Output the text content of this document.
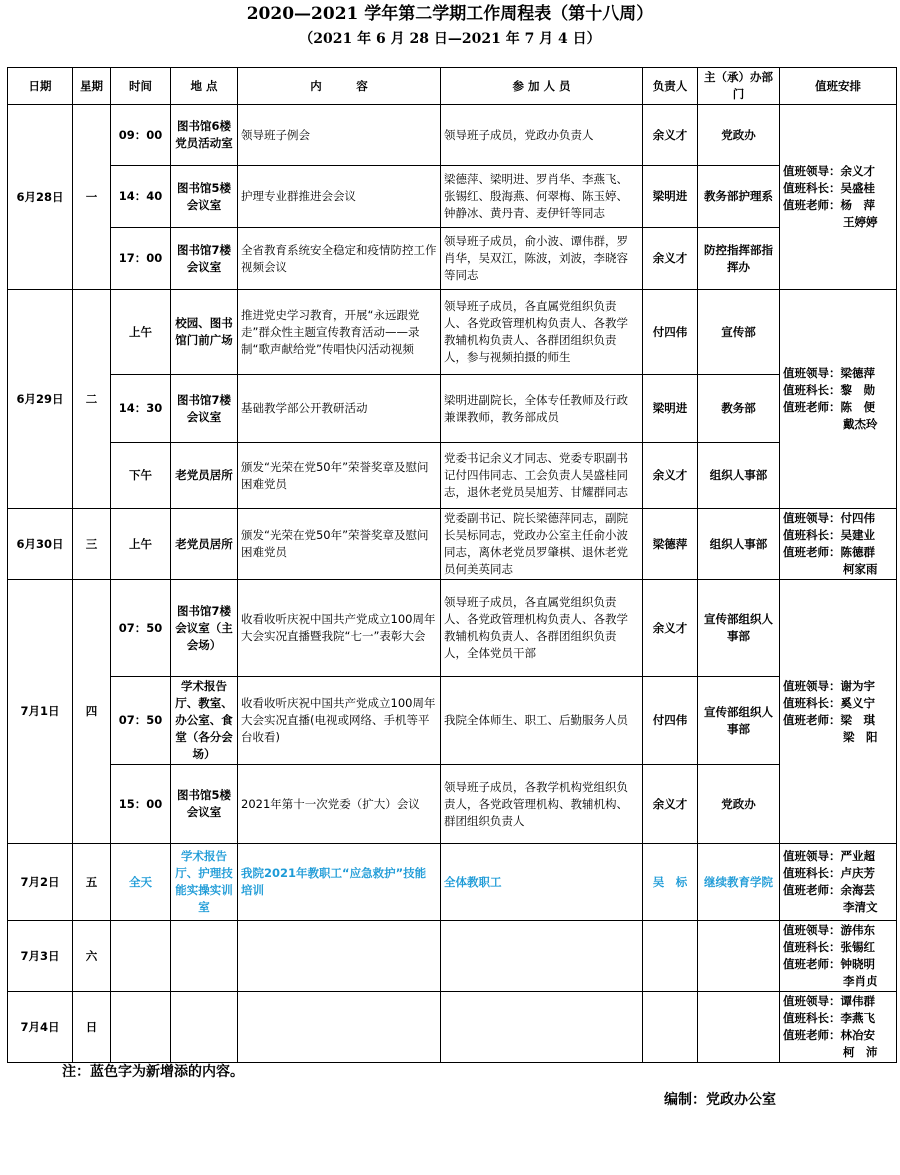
2020—2021 学年第二学期工作周程表（第十八周）
（2021 年 6 月 28 日—2021 年 7 月 4 日）
日期	星期	时间	地 点	内　　　容	参 加 人 员	负责人	主（承）办部 门	值班安排
6月28日	一	09：00	图书馆6楼党员活动室	领导班子例会	领导班子成员，党政办负责人	余义才	党政办	值班领导：余义才
值班科长：吴盛桂
值班老师：杨　萍
王婷婷

		14：40	图书馆5楼会议室	护理专业群推进会会议	梁德萍、梁明进、罗肖华、李燕飞、张锡红、殷海燕、何翠梅、陈玉婷、钟静冰、黄丹青、麦伊钎等同志	梁明进	教务部护理系	
		17：00	图书馆7楼会议室	全省教育系统安全稳定和疫情防控工作视频会议	领导班子成员，俞小波、谭伟群，罗肖华，吴双江，陈波，刘波，李晓容等同志	余义才	防控指挥部指挥办	
6月29日	二	上午	校园、图书馆门前广场	推进党史学习教育，开展“永远跟党走”群众性主题宣传教育活动——录制“歌声献给党”传唱快闪活动视频	领导班子成员，各直属党组织负责人、各党政管理机构负责人、各教学教辅机构负责人、各群团组织负责人，参与视频拍摄的师生	付四伟	宣传部	值班领导：梁德萍
值班科长：黎　勋
值班老师：陈　便
戴杰玲

		14：30	图书馆7楼会议室	基础教学部公开教研活动	梁明进副院长，全体专任教师及行政兼课教师，教务部成员	梁明进	教务部	
		下午	老党员居所	颁发“光荣在党50年”荣誉奖章及慰问困难党员	党委书记余义才同志、党委专职副书记付四伟同志、工会负责人吴盛桂同志，退休老党员吴旭芳、甘耀群同志	余义才	组织人事部	
6月30日	三	上午	老党员居所	颁发“光荣在党50年”荣誉奖章及慰问困难党员	党委副书记、院长梁德萍同志，副院长吴标同志，党政办公室主任俞小波同志，离休老党员罗肇棋、退休老党员何美英同志	梁德萍	组织人事部	值班领导：付四伟
值班科长：吴建业
值班老师：陈德群
柯家雨

7月1日	四	07：50	图书馆7楼会议室（主会场）	收看收听庆祝中国共产党成立100周年大会实况直播暨我院“七一”表彰大会	领导班子成员，各直属党组织负责人、各党政管理机构负责人、各教学教辅机构负责人、各群团组织负责人，全体党员干部	余义才	宣传部组织人事部	值班领导：谢为宇
值班科长：奚义宁
值班老师：梁　琪
梁　阳

		07：50	学术报告厅、教室、办公室、食堂（各分会场）	收看收听庆祝中国共产党成立100周年大会实况直播(电视或网络、手机等平台收看)	我院全体师生、职工、后勤服务人员	付四伟	宣传部组织人事部	
		15：00	图书馆5楼会议室	2021年第十一次党委（扩大）会议	领导班子成员，各教学机构党组织负责人，各党政管理机构、教辅机构、群团组织负责人	余义才	党政办	
7月2日	五	全天	学术报告厅、护理技能实操实训室	我院2021年教职工“应急救护”技能培训	全体教职工	吴　标	继续教育学院	值班领导：严业超
值班科长：卢庆芳
值班老师：余海芸
李清文

7月3日	六							值班领导：游伟东
值班科长：张锡红
值班老师：钟晓明
李肖贞

7月4日	日							值班领导：谭伟群
值班科长：李燕飞
值班老师：林冶安
柯　沛
注：蓝色字为新增添的内容。
编制：党政办公室
